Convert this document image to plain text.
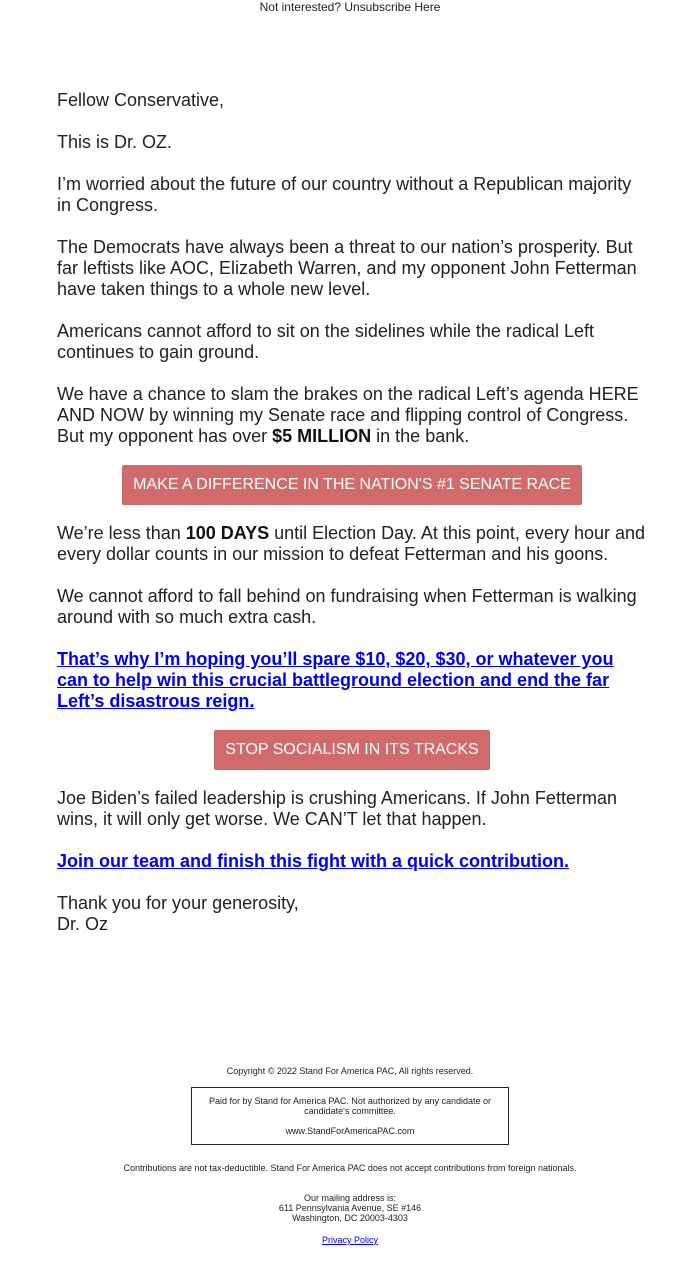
Not interested? Unsubscribe Here

Fellow Conservative,

This is Dr. OZ.

I’m worried about the future of our country without a Republican majority in Congress.

The Democrats have always been a threat to our nation’s prosperity. But far leftists like AOC, Elizabeth Warren, and my opponent John Fetterman have taken things to a whole new level.

Americans cannot afford to sit on the sidelines while the radical Left continues to gain ground.

We have a chance to slam the brakes on the radical Left’s agenda HERE AND NOW by winning my Senate race and flipping control of Congress. But my opponent has over $5 MILLION in the bank.

MAKE A DIFFERENCE IN THE NATION'S #1 SENATE RACE

We’re less than 100 DAYS until Election Day. At this point, every hour and every dollar counts in our mission to defeat Fetterman and his goons.

We cannot afford to fall behind on fundraising when Fetterman is walking around with so much extra cash.

That’s why I’m hoping you’ll spare $10, $20, $30, or whatever you can to help win this crucial battleground election and end the far Left’s disastrous reign.

STOP SOCIALISM IN ITS TRACKS

Joe Biden’s failed leadership is crushing Americans. If John Fetterman wins, it will only get worse. We CAN’T let that happen.

Join our team and finish this fight with a quick contribution.

Thank you for your generosity,
Dr. Oz

Copyright © 2022 Stand For America PAC, All rights reserved.
Paid for by Stand for America PAC. Not authorized by any candidate or candidate's committee.
www.StandForAmericaPAC.com
Contributions are not tax-deductible. Stand For America PAC does not accept contributions from foreign nationals.
Our mailing address is:
611 Pennsylvania Avenue, SE #146
Washington, DC 20003-4303
Privacy Policy
